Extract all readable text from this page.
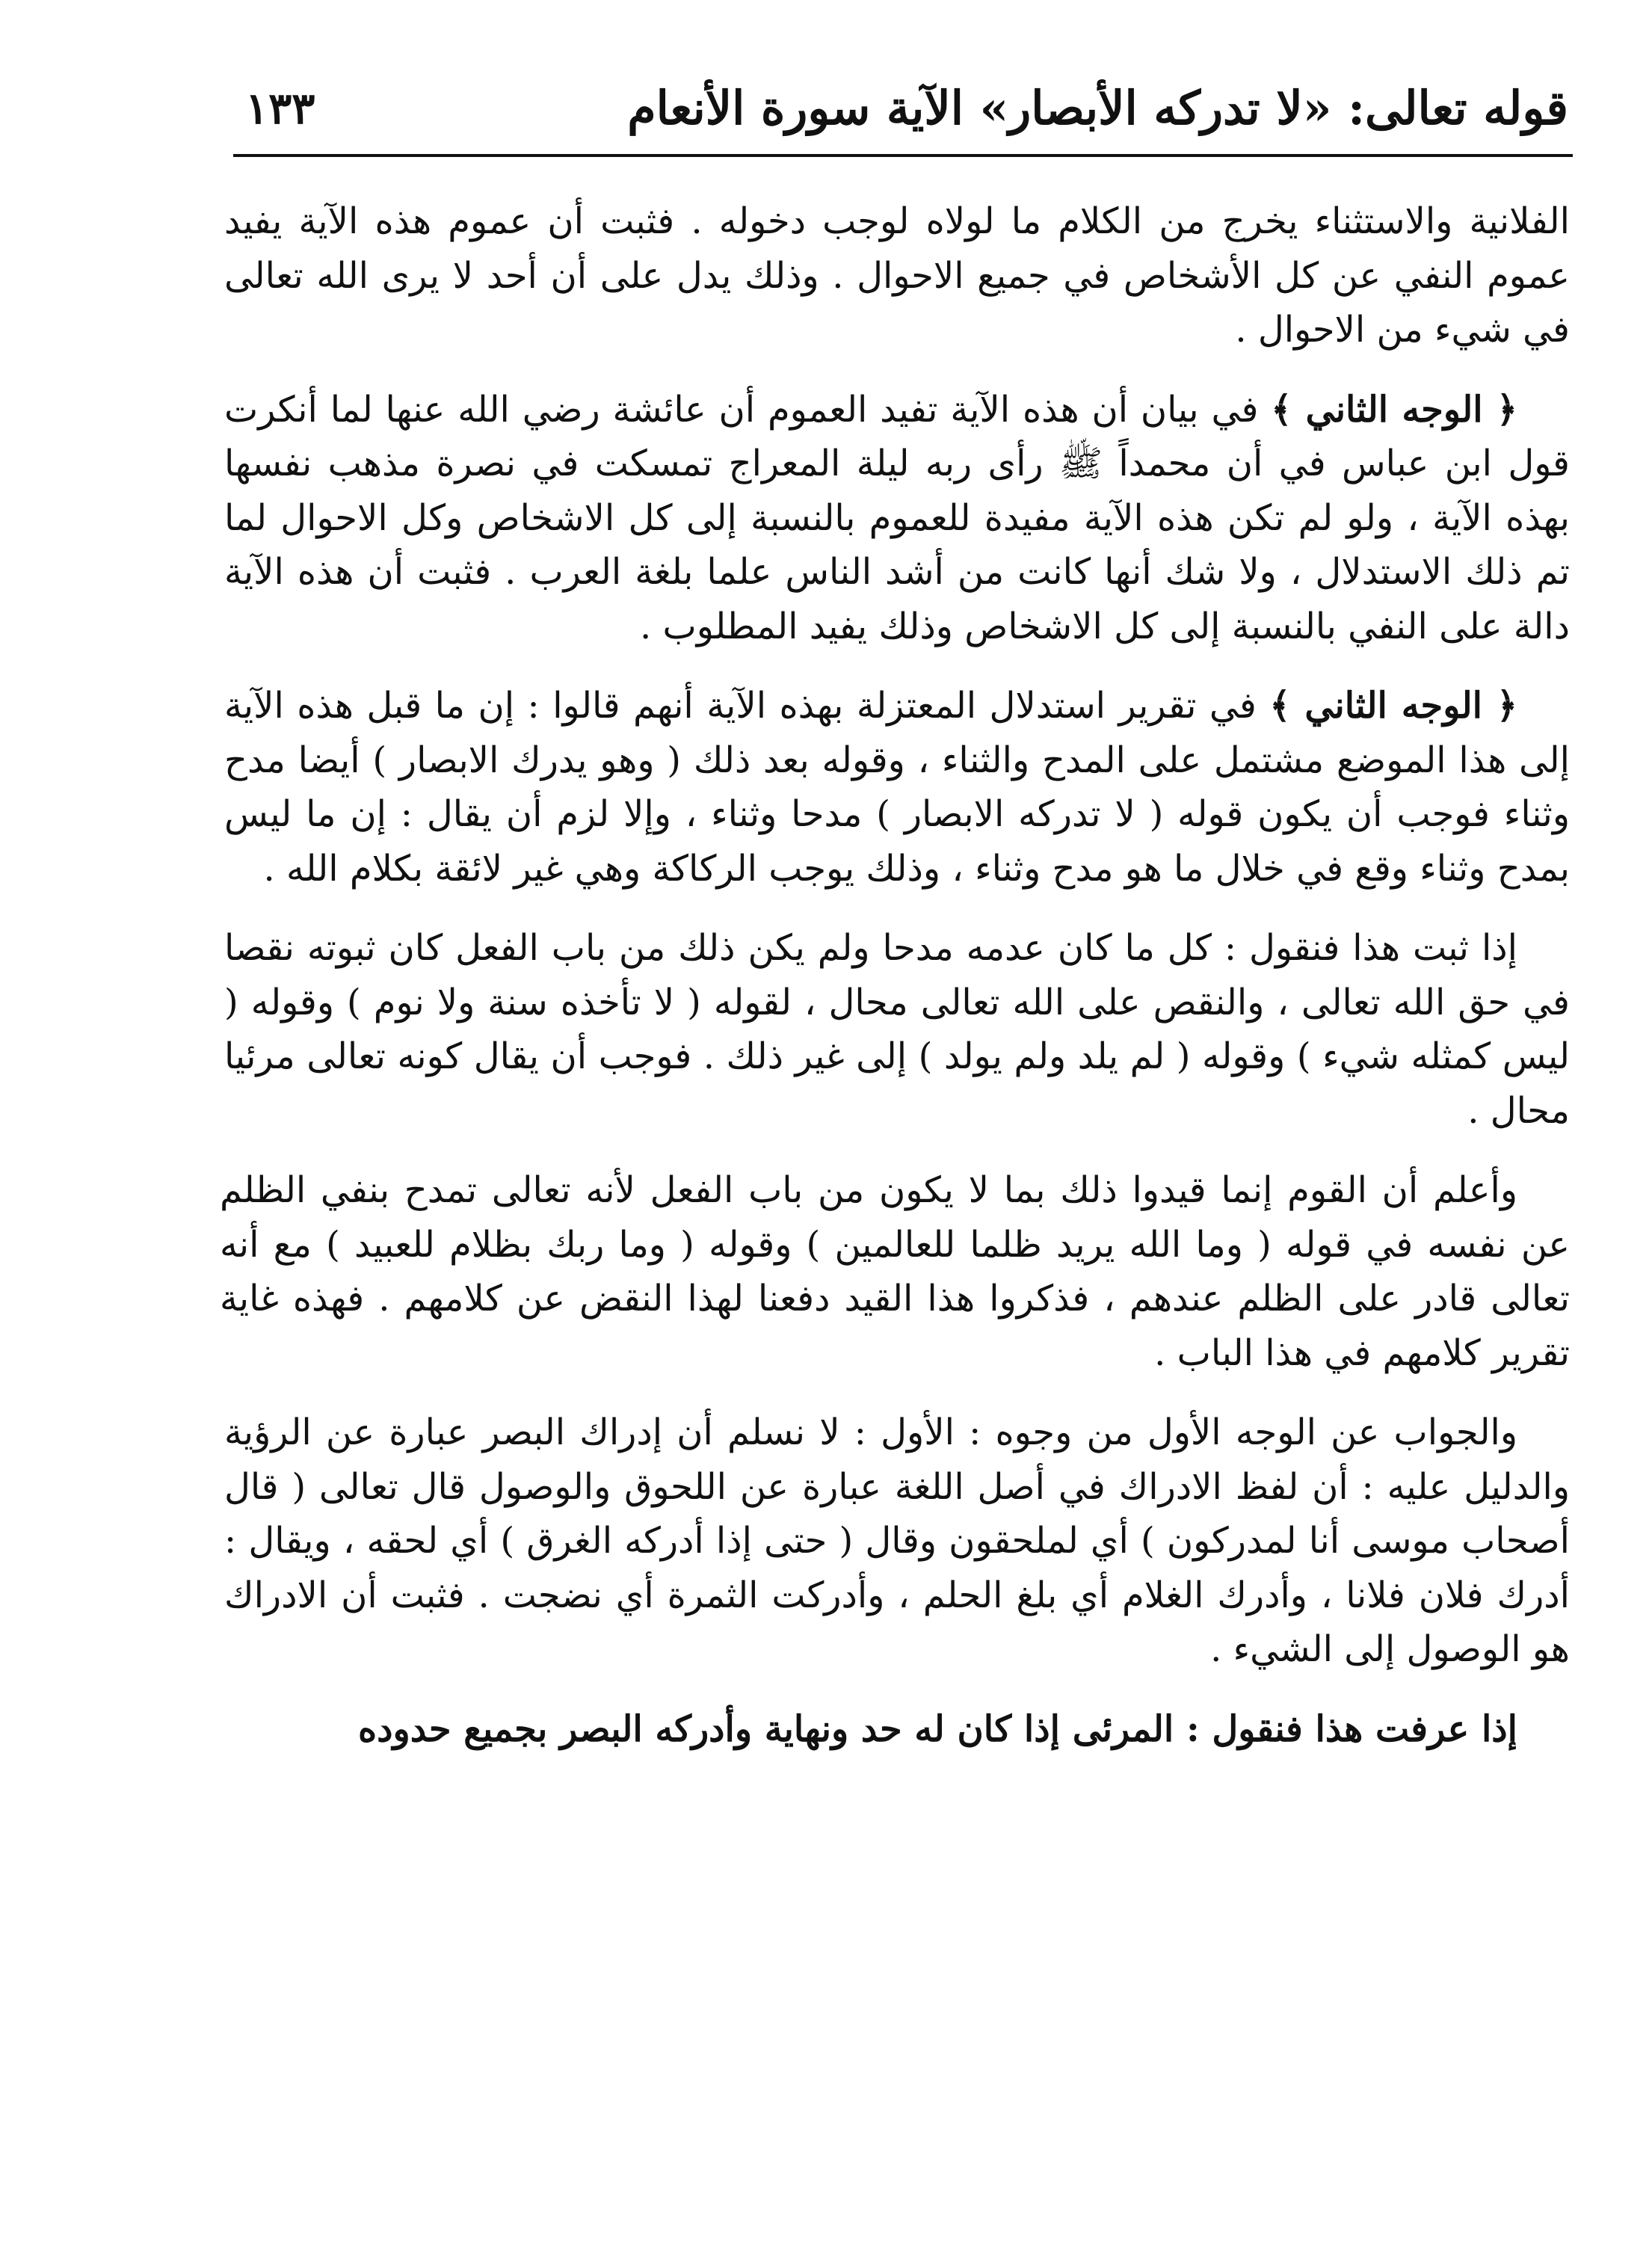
قوله تعالى: «لا تدركه الأبصار» الآية سورة الأنعام
١٣٣

الفلانية والاستثناء يخرج من الكلام ما لولاه لوجب دخوله . فثبت أن عموم هذه الآية يفيد عموم النفي عن كل الأشخاص في جميع الاحوال . وذلك يدل على أن أحد لا يرى الله تعالى في شيء من الاحوال .

﴿ الوجه الثاني ﴾ في بيان أن هذه الآية تفيد العموم أن عائشة رضي الله عنها لما أنكرت قول ابن عباس في أن محمداً ﷺ رأى ربه ليلة المعراج تمسكت في نصرة مذهب نفسها بهذه الآية ، ولو لم تكن هذه الآية مفيدة للعموم بالنسبة إلى كل الاشخاص وكل الاحوال لما تم ذلك الاستدلال ، ولا شك أنها كانت من أشد الناس علما بلغة العرب . فثبت أن هذه الآية دالة على النفي بالنسبة إلى كل الاشخاص وذلك يفيد المطلوب .

﴿ الوجه الثاني ﴾ في تقرير استدلال المعتزلة بهذه الآية أنهم قالوا : إن ما قبل هذه الآية إلى هذا الموضع مشتمل على المدح والثناء ، وقوله بعد ذلك ( وهو يدرك الابصار ) أيضا مدح وثناء فوجب أن يكون قوله ( لا تدركه الابصار ) مدحا وثناء ، وإلا لزم أن يقال : إن ما ليس بمدح وثناء وقع في خلال ما هو مدح وثناء ، وذلك يوجب الركاكة وهي غير لائقة بكلام الله .

إذا ثبت هذا فنقول : كل ما كان عدمه مدحا ولم يكن ذلك من باب الفعل كان ثبوته نقصا في حق الله تعالى ، والنقص على الله تعالى محال ، لقوله ( لا تأخذه سنة ولا نوم ) وقوله ( ليس كمثله شيء ) وقوله ( لم يلد ولم يولد ) إلى غير ذلك . فوجب أن يقال كونه تعالى مرئيا محال .

وأعلم أن القوم إنما قيدوا ذلك بما لا يكون من باب الفعل لأنه تعالى تمدح بنفي الظلم عن نفسه في قوله ( وما الله يريد ظلما للعالمين ) وقوله ( وما ربك بظلام للعبيد ) مع أنه تعالى قادر على الظلم عندهم ، فذكروا هذا القيد دفعنا لهذا النقض عن كلامهم . فهذه غاية تقرير كلامهم في هذا الباب .

والجواب عن الوجه الأول من وجوه : الأول : لا نسلم أن إدراك البصر عبارة عن الرؤية والدليل عليه : أن لفظ الادراك في أصل اللغة عبارة عن اللحوق والوصول قال تعالى ( قال أصحاب موسى أنا لمدركون ) أي لملحقون وقال ( حتى إذا أدركه الغرق ) أي لحقه ، ويقال : أدرك فلان فلانا ، وأدرك الغلام أي بلغ الحلم ، وأدركت الثمرة أي نضجت . فثبت أن الادراك هو الوصول إلى الشيء .

إذا عرفت هذا فنقول : المرئى إذا كان له حد ونهاية وأدركه البصر بجميع حدوده
